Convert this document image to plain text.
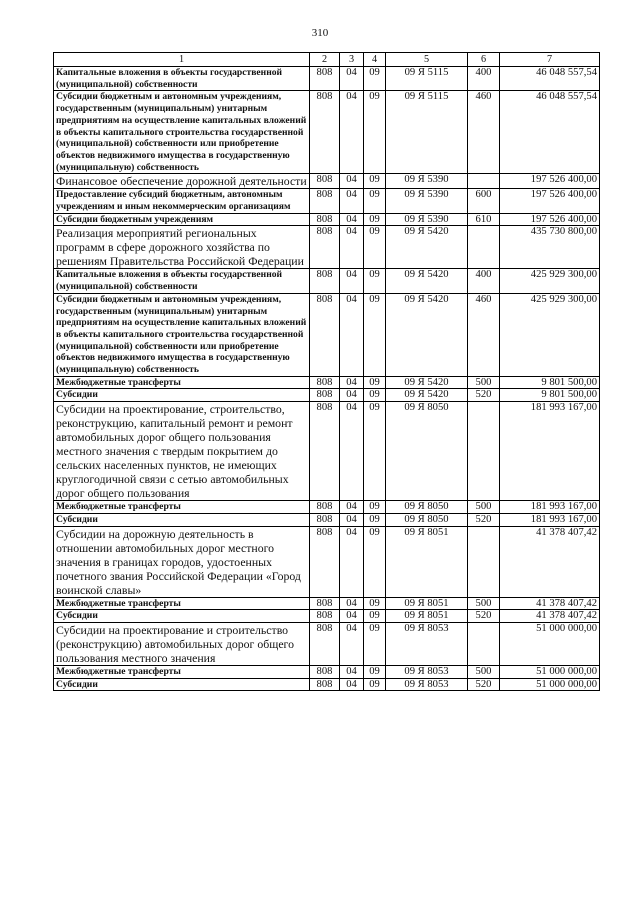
310
1	2	3	4	5	6	7
Капитальные вложения в объекты государственной (муниципальной) собственности	808	04	09	09 Я 5115	400	46 048 557,54
Субсидии бюджетным и автономным учреждениям, государственным (муниципальным) унитарным предприятиям на осуществление капитальных вложений в объекты капитального строительства государственной (муниципальной) собственности или приобретение объектов недвижимого имущества в государственную (муниципальную) собственность	808	04	09	09 Я 5115	460	46 048 557,54
Финансовое обеспечение дорожной деятельности	808	04	09	09 Я 5390		197 526 400,00
Предоставление субсидий бюджетным, автономным учреждениям и иным некоммерческим организациям	808	04	09	09 Я 5390	600	197 526 400,00
Субсидии бюджетным учреждениям	808	04	09	09 Я 5390	610	197 526 400,00
Реализация мероприятий региональных программ в сфере дорожного хозяйства по решениям Правительства Российской Федерации	808	04	09	09 Я 5420		435 730 800,00
Капитальные вложения в объекты государственной (муниципальной) собственности	808	04	09	09 Я 5420	400	425 929 300,00
Субсидии бюджетным и автономным учреждениям, государственным (муниципальным) унитарным предприятиям на осуществление капитальных вложений в объекты капитального строительства государственной (муниципальной) собственности или приобретение объектов недвижимого имущества в государственную (муниципальную) собственность	808	04	09	09 Я 5420	460	425 929 300,00
Межбюджетные трансферты	808	04	09	09 Я 5420	500	9 801 500,00
Субсидии	808	04	09	09 Я 5420	520	9 801 500,00
Субсидии на проектирование, строительство, реконструкцию, капитальный ремонт и ремонт автомобильных дорог общего пользования местного значения с твердым покрытием до сельских населенных пунктов, не имеющих круглогодичной связи с сетью автомобильных дорог общего пользования	808	04	09	09 Я 8050		181 993 167,00
Межбюджетные трансферты	808	04	09	09 Я 8050	500	181 993 167,00
Субсидии	808	04	09	09 Я 8050	520	181 993 167,00
Субсидии на дорожную деятельность в отношении автомобильных дорог местного значения в границах городов, удостоенных почетного звания Российской Федерации «Город воинской славы»	808	04	09	09 Я 8051		41 378 407,42
Межбюджетные трансферты	808	04	09	09 Я 8051	500	41 378 407,42
Субсидии	808	04	09	09 Я 8051	520	41 378 407,42
Субсидии на проектирование и строительство (реконструкцию) автомобильных дорог общего пользования местного значения	808	04	09	09 Я 8053		51 000 000,00
Межбюджетные трансферты	808	04	09	09 Я 8053	500	51 000 000,00
Субсидии	808	04	09	09 Я 8053	520	51 000 000,00
